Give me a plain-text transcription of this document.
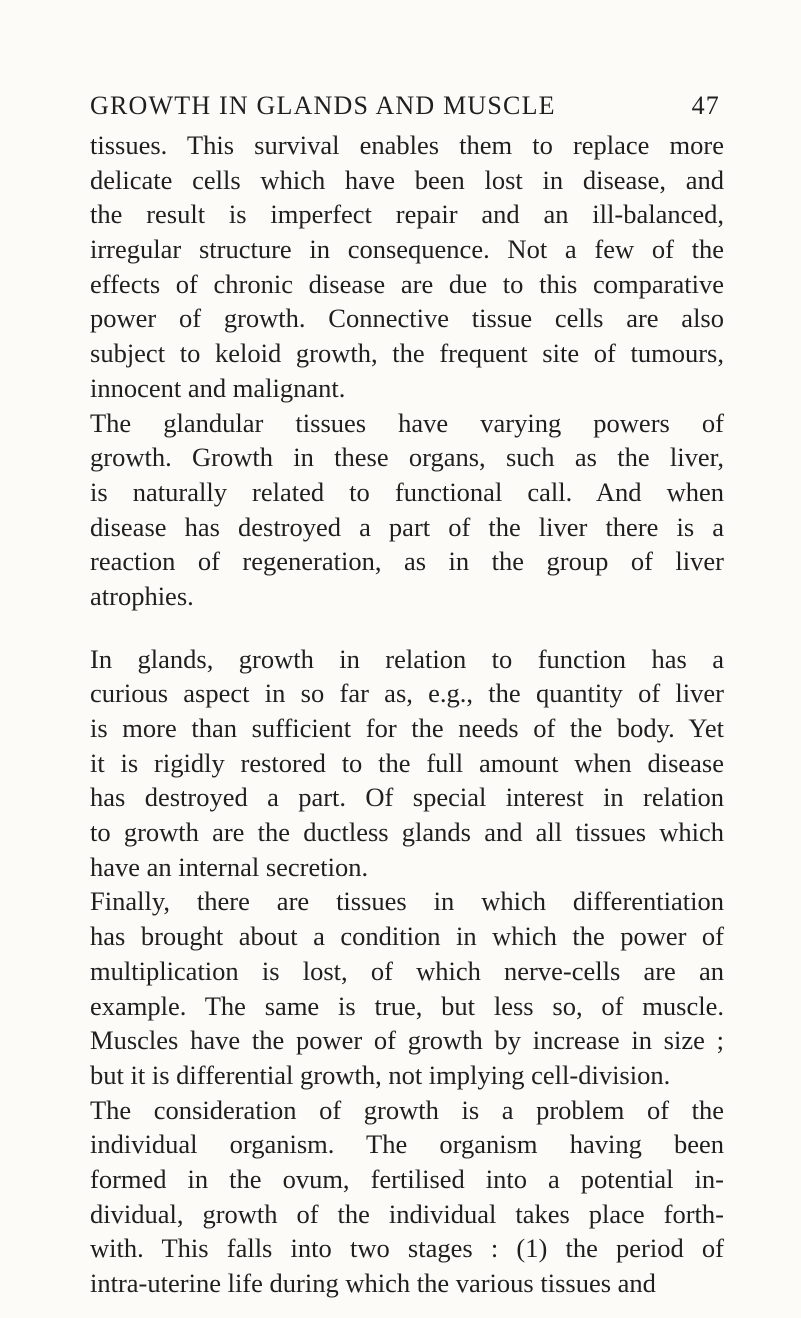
GROWTH IN GLANDS AND MUSCLE	47
tissues. This survival enables them to replace more
delicate cells which have been lost in disease, and
the result is imperfect repair and an ill-balanced,
irregular structure in consequence. Not a few of the
effects of chronic disease are due to this comparative
power of growth. Connective tissue cells are also
subject to keloid growth, the frequent site of tumours,
innocent and malignant.
The glandular tissues have varying powers of
growth. Growth in these organs, such as the liver,
is naturally related to functional call. And when
disease has destroyed a part of the liver there is a
reaction of regeneration, as in the group of liver
atrophies.
In glands, growth in relation to function has a
curious aspect in so far as, e.g., the quantity of liver
is more than sufficient for the needs of the body. Yet
it is rigidly restored to the full amount when disease
has destroyed a part. Of special interest in relation
to growth are the ductless glands and all tissues which
have an internal secretion.
Finally, there are tissues in which differentiation
has brought about a condition in which the power of
multiplication is lost, of which nerve-cells are an
example. The same is true, but less so, of muscle.
Muscles have the power of growth by increase in size ;
but it is differential growth, not implying cell-division.
The consideration of growth is a problem of the
individual organism. The organism having been
formed in the ovum, fertilised into a potential in-
dividual, growth of the individual takes place forth-
with. This falls into two stages : (1) the period of
intra-uterine life during which the various tissues and
